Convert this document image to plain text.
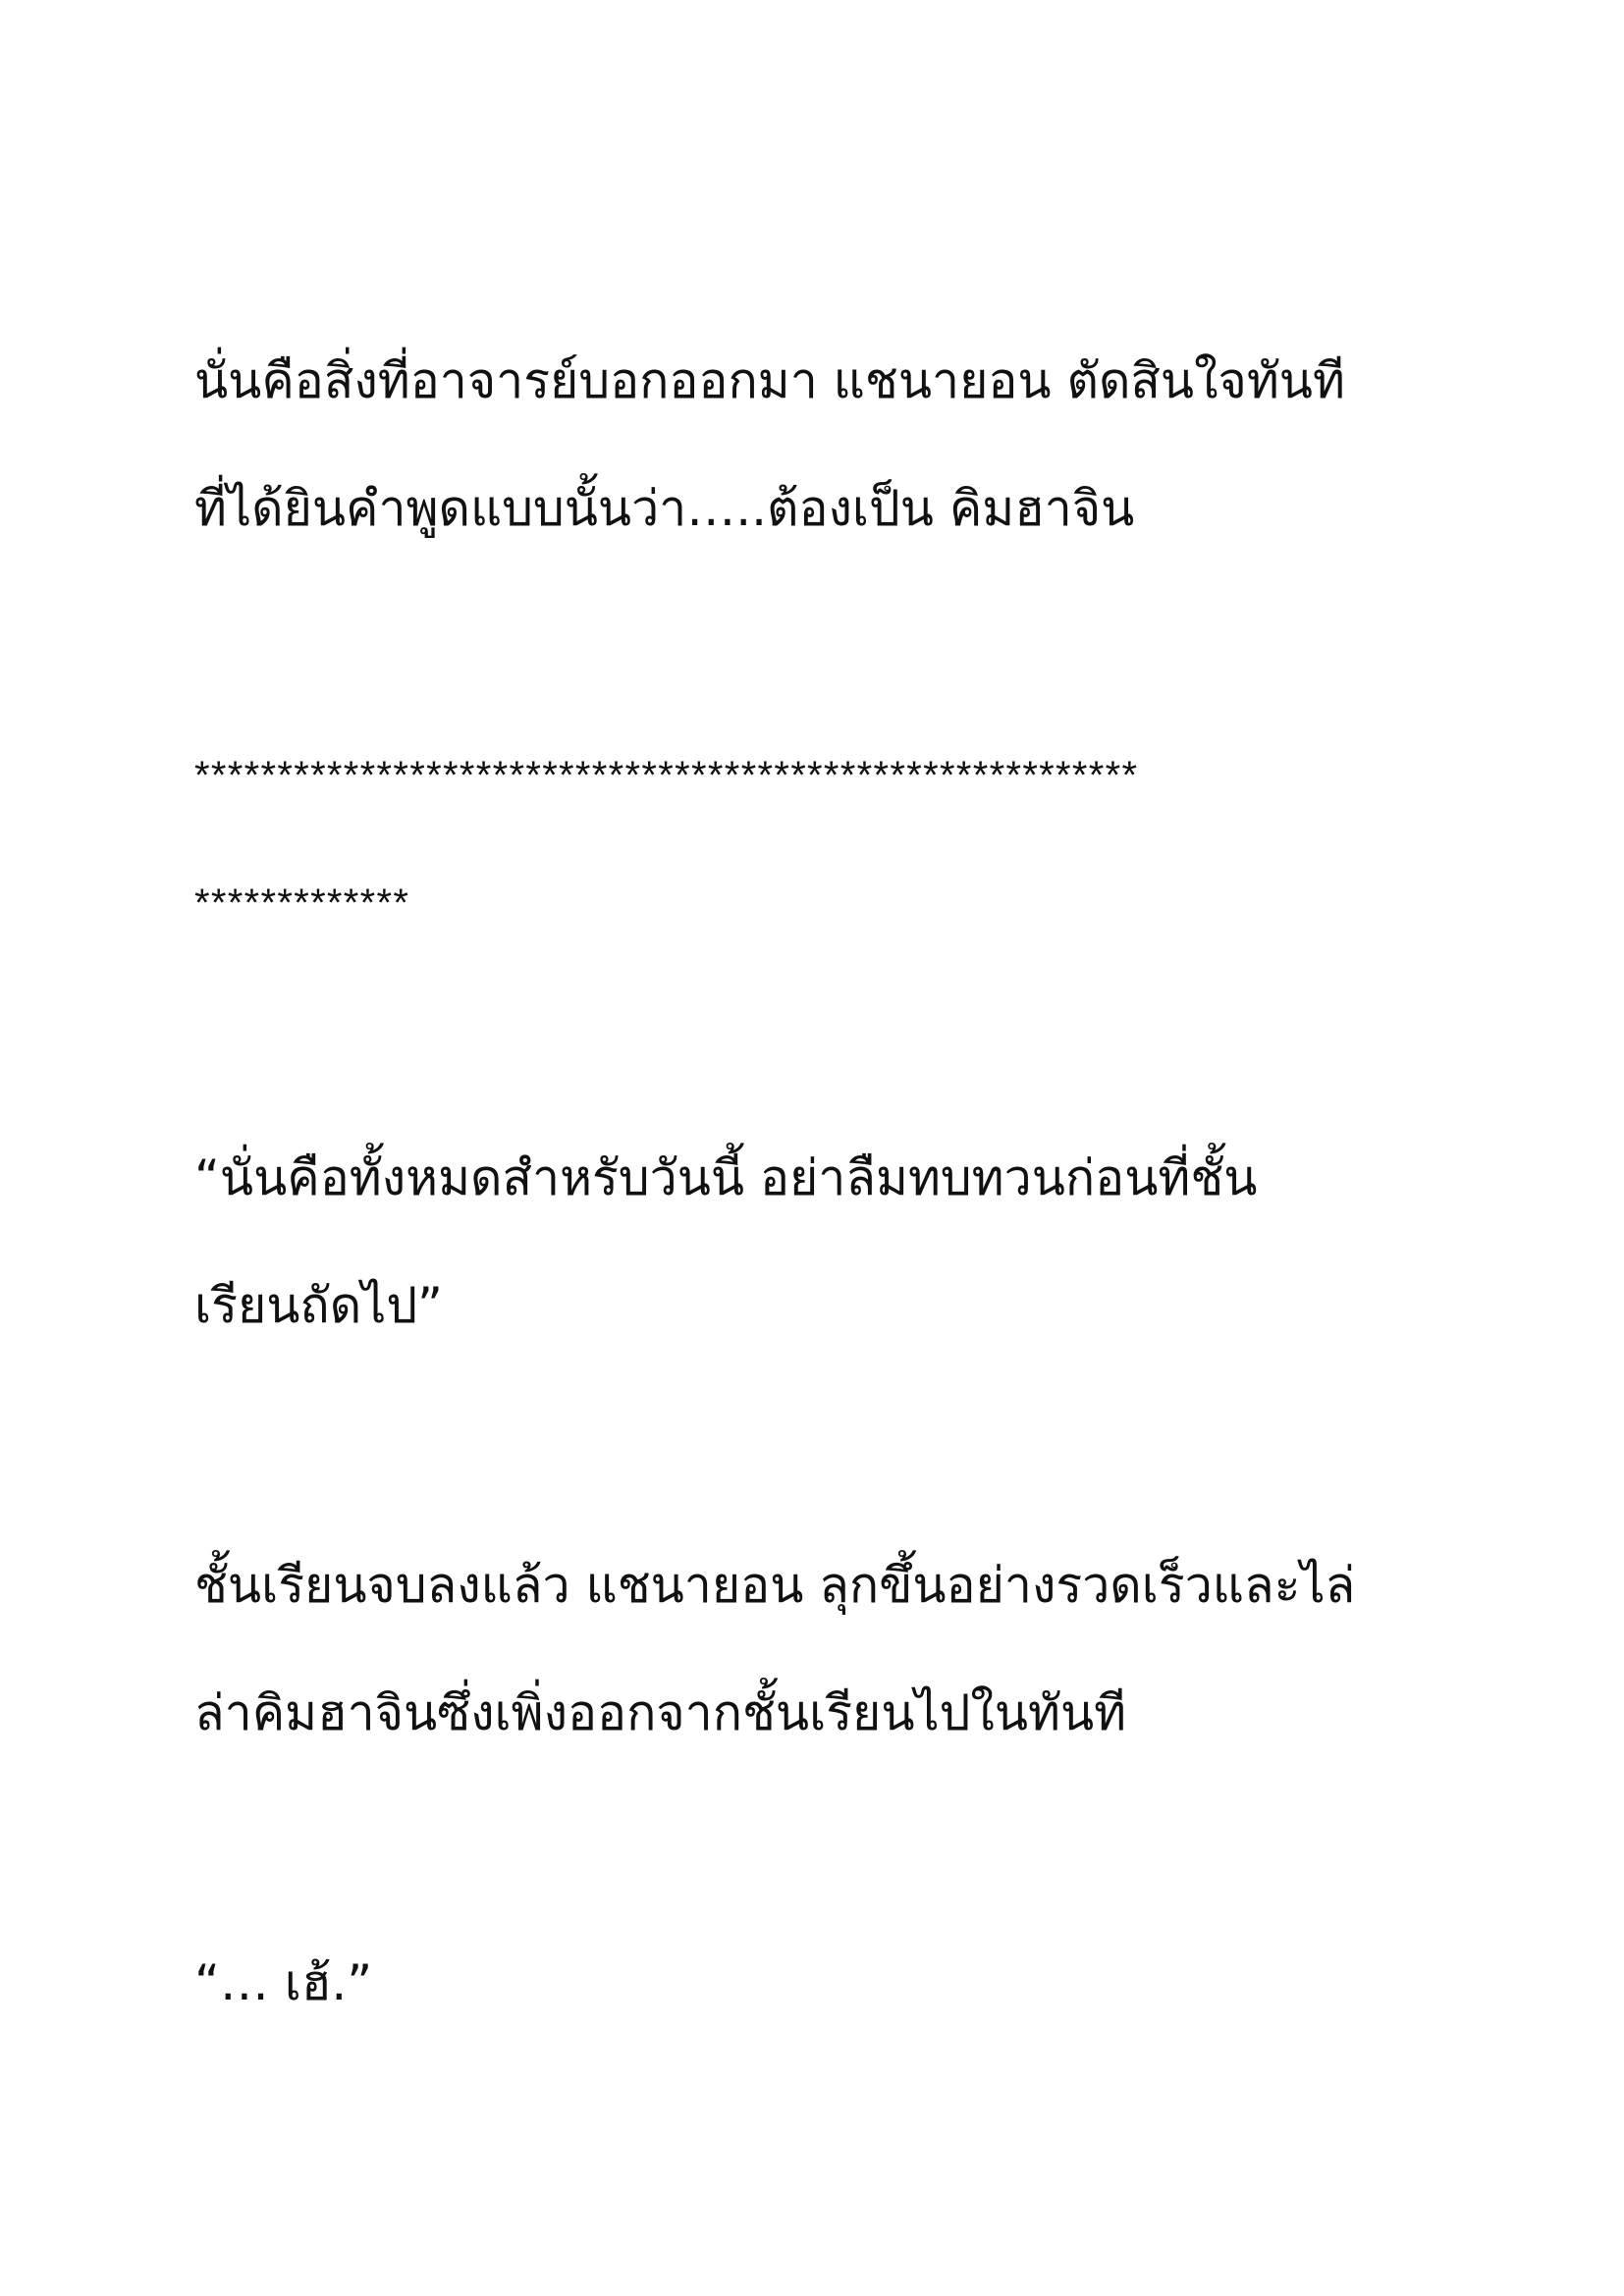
นั่นคือสิ่งที่อาจารย์บอกออกมา แชนายอน ตัดสินใจทันที
ที่ได้ยินคำพูดแบบนั้นว่า…..ต้องเป็น คิมฮาจิน
*********************************************************
*************
“นั่นคือทั้งหมดสำหรับวันนี้ อย่าลืมทบทวนก่อนที่ชั้น
เรียนถัดไป”
ชั้นเรียนจบลงแล้ว แชนายอน ลุกขึ้นอย่างรวดเร็วและไล่
ล่าคิมฮาจินซึ่งเพิ่งออกจากชั้นเรียนไปในทันที
“… เฮ้.”
